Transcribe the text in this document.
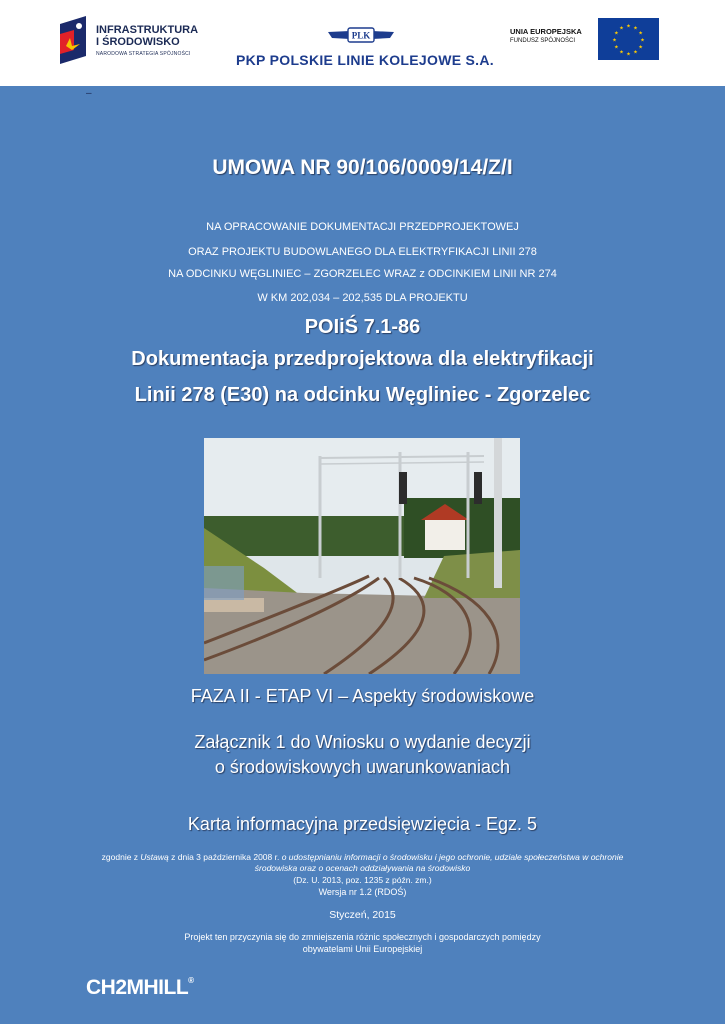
INFRASTRUKTURA
I ŚRODOWISKO
NARODOWA STRATEGIA SPÓJNOŚCI
PLK
PKP POLSKIE LINIE KOLEJOWE S.A.
UNIA EUROPEJSKA
FUNDUSZ SPÓJNOŚCI
★ ★
★
★
★
★
★
★
★
★
★
★
–
UMOWA NR 90/106/0009/14/Z/I
NA OPRACOWANIE DOKUMENTACJI PRZEDPROJEKTOWEJ
ORAZ PROJEKTU BUDOWLANEGO DLA ELEKTRYFIKACJI LINII 278
NA ODCINKU WĘGLINIEC – ZGORZELEC WRAZ z ODCINKIEM LINII NR 274
W KM 202,034 – 202,535 DLA PROJEKTU
POIiŚ 7.1-86
Dokumentacja przedprojektowa dla elektryfikacji
Linii 278 (E30) na odcinku Węgliniec - Zgorzelec
FAZA II - ETAP VI – Aspekty środowiskowe
Załącznik 1 do Wniosku o wydanie decyzji
o środowiskowych uwarunkowaniach
Karta informacyjna przedsięwzięcia - Egz. 5
zgodnie z Ustawą z dnia 3 października 2008 r. o udostępnianiu informacji o środowisku i jego ochronie, udziale społeczeństwa w ochronie
środowiska oraz o ocenach oddziaływania na środowisko
(Dz. U. 2013, poz. 1235 z późn. zm.)
Wersja nr 1.2 (RDOŚ)
Styczeń, 2015
Projekt ten przyczynia się do zmniejszenia różnic społecznych i gospodarczych pomiędzy
obywatelami Unii Europejskiej
CH2MHILL®
